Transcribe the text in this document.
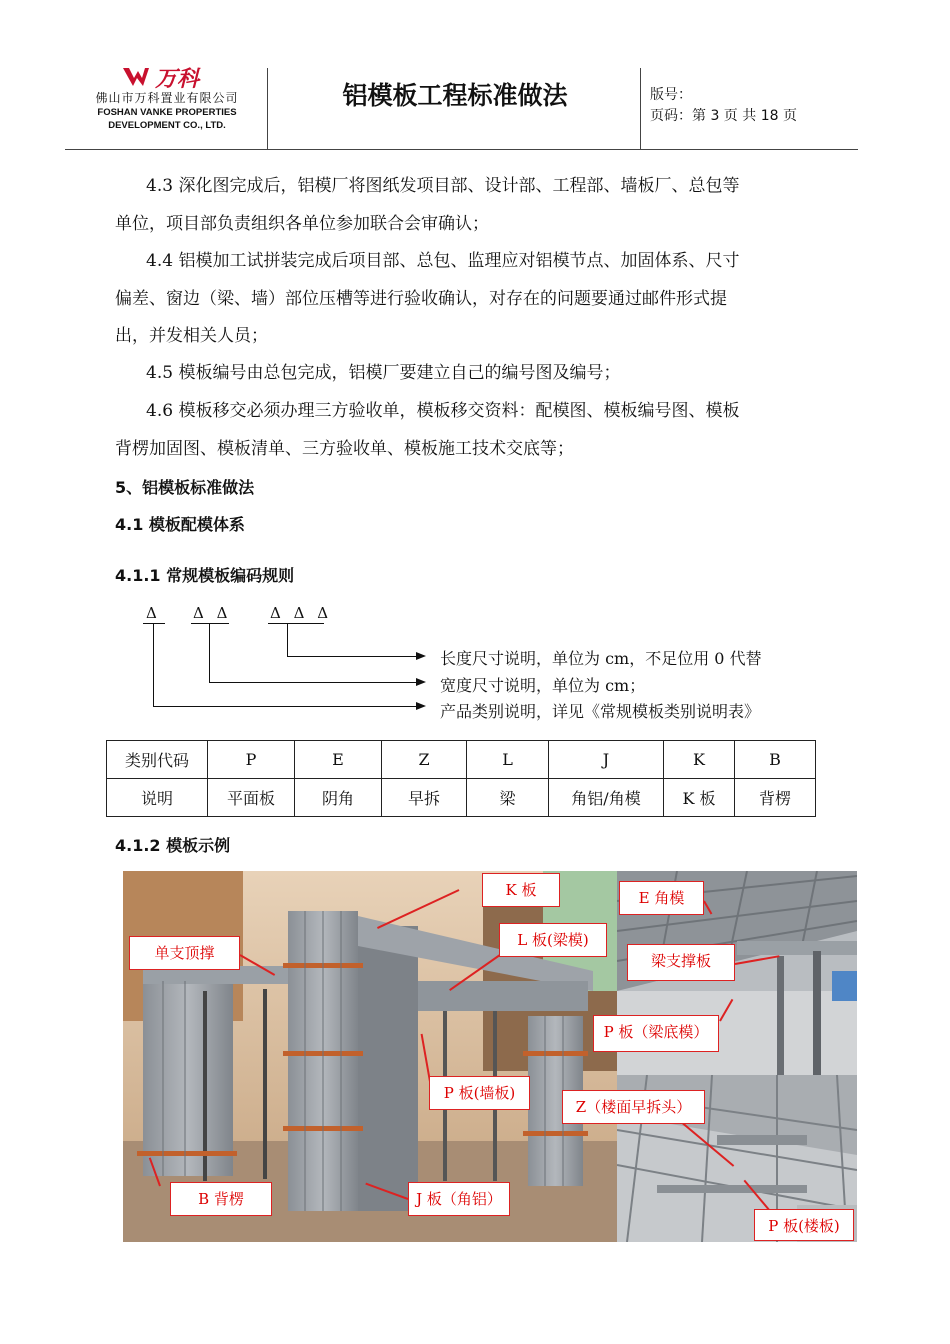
万科
佛山市万科置业有限公司
FOSHAN VANKE PROPERTIES
DEVELOPMENT CO., LTD.
铝模板工程标准做法	版号：
页码：第 3 页 共 18 页

4.3 深化图完成后，铝模厂将图纸发项目部、设计部、工程部、墙板厂、总包等
单位，项目部负责组织各单位参加联合会审确认；

4.4 铝模加工试拼装完成后项目部、总包、监理应对铝模节点、加固体系、尺寸
偏差、窗边（梁、墙）部位压槽等进行验收确认，对存在的问题要通过邮件形式提
出，并发相关人员；

4.5 模板编号由总包完成，铝模厂要建立自己的编号图及编号；

4.6 模板移交必须办理三方验收单，模板移交资料：配模图、模板编号图、模板
背楞加固图、模板清单、三方验收单、模板施工技术交底等；

5、铝模板标准做法
4.1 模板配模体系
4.1.1 常规模板编码规则
Δ Δ Δ	Δ Δ Δ
长度尺寸说明，单位为 cm，不足位用 0 代替
宽度尺寸说明，单位为 cm；
产品类别说明，详见《常规模板类别说明表》
类别代码	P	E	Z	L	J	K	B
说明	平面板	阴角	早拆	梁	角铝/角模	K 板	背楞
4.1.2 模板示例
K 板
L 板(梁模)
单支顶撑
P 板(墙板)
B 背楞	J 板（角铝）
E 角模
梁支撑板
P 板（梁底模）
Z（楼面早拆头）
P 板(楼板)
